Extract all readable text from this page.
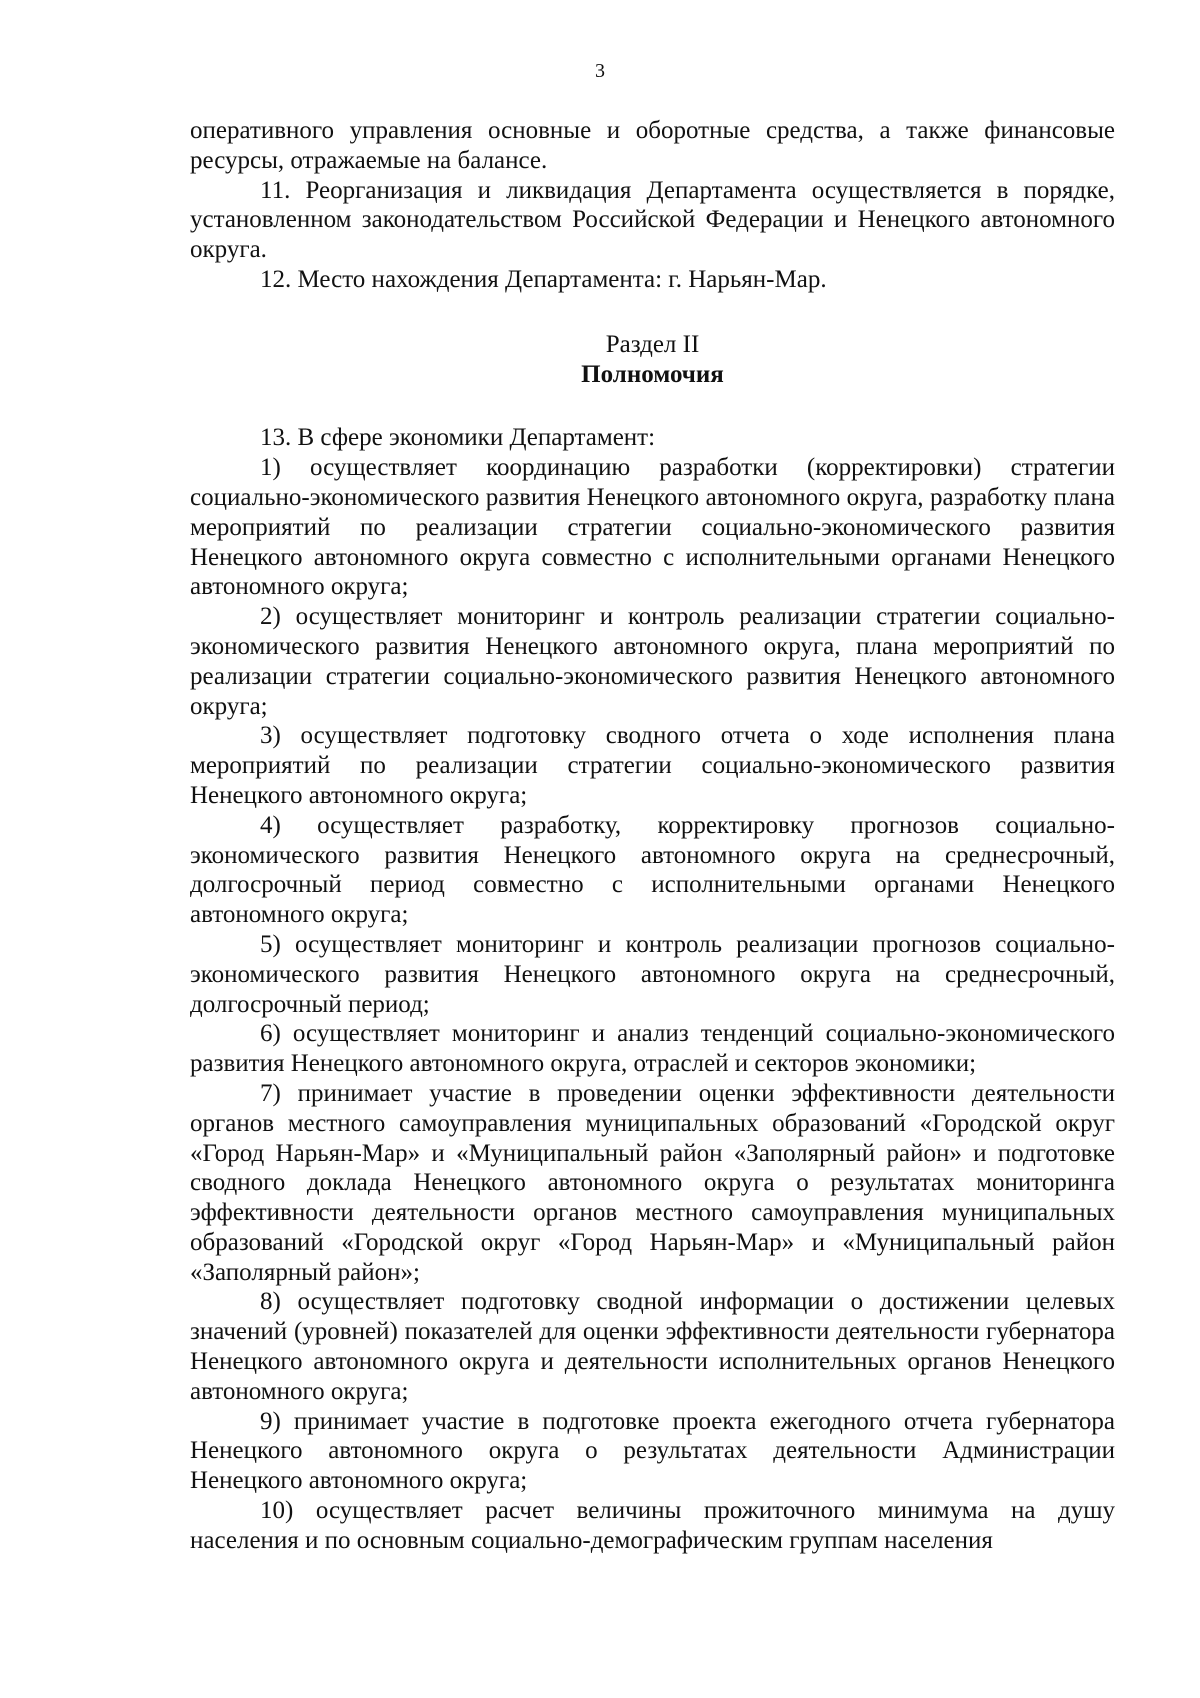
3

оперативного управления основные и оборотные средства, а также финансовые ресурсы, отражаемые на балансе.

11. Реорганизация и ликвидация Департамента осуществляется в порядке, установленном законодательством Российской Федерации и Ненецкого автономного округа.

12. Место нахождения Департамента: г. Нарьян-Мар.

Раздел II

Полномочия

13. В сфере экономики Департамент:

1) осуществляет координацию разработки (корректировки) стратегии социально-экономического развития Ненецкого автономного округа, разработку плана мероприятий по реализации стратегии социально-экономического развития Ненецкого автономного округа совместно с исполнительными органами Ненецкого автономного округа;

2) осуществляет мониторинг и контроль реализации стратегии социально-экономического развития Ненецкого автономного округа, плана мероприятий по реализации стратегии социально-экономического развития Ненецкого автономного округа;

3) осуществляет подготовку сводного отчета о ходе исполнения плана мероприятий по реализации стратегии социально-экономического развития Ненецкого автономного округа;

4) осуществляет разработку, корректировку прогнозов социально-экономического развития Ненецкого автономного округа на среднесрочный, долгосрочный период совместно с исполнительными органами Ненецкого автономного округа;

5) осуществляет мониторинг и контроль реализации прогнозов социально-экономического развития Ненецкого автономного округа на среднесрочный, долгосрочный период;

6) осуществляет мониторинг и анализ тенденций социально-экономического развития Ненецкого автономного округа, отраслей и секторов экономики;

7) принимает участие в проведении оценки эффективности деятельности органов местного самоуправления муниципальных образований «Городской округ «Город Нарьян-Мар» и «Муниципальный район «Заполярный район» и подготовке сводного доклада Ненецкого автономного округа о результатах мониторинга эффективности деятельности органов местного самоуправления муниципальных образований «Городской округ «Город Нарьян-Мар» и «Муниципальный район «Заполярный район»;

8) осуществляет подготовку сводной информации о достижении целевых значений (уровней) показателей для оценки эффективности деятельности губернатора Ненецкого автономного округа и деятельности исполнительных органов Ненецкого автономного округа;

9) принимает участие в подготовке проекта ежегодного отчета губернатора Ненецкого автономного округа о результатах деятельности Администрации Ненецкого автономного округа;

10) осуществляет расчет величины прожиточного минимума на душу населения и по основным социально-демографическим группам населения
